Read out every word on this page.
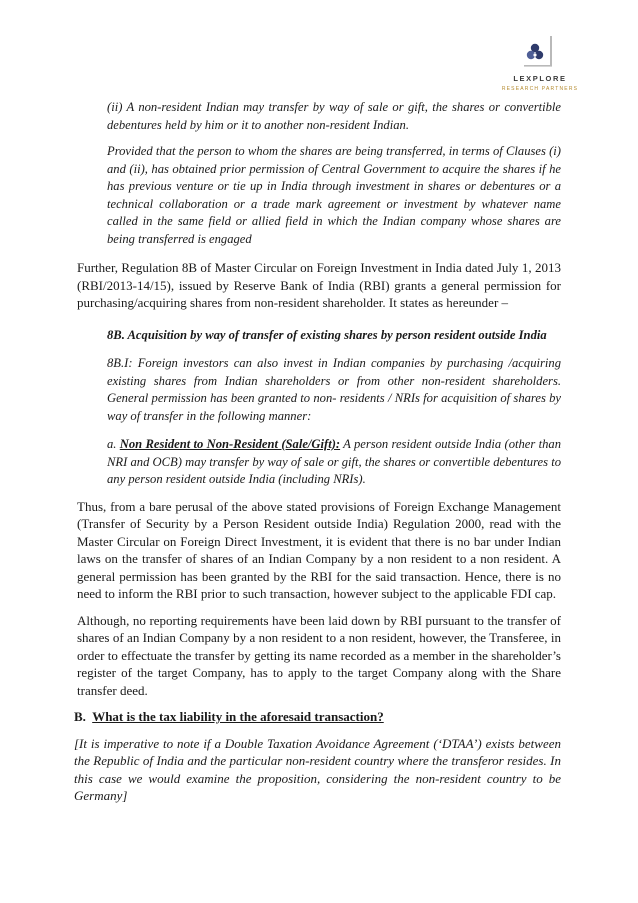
LEXPLORE
RESEARCH PARTNERS

(ii) A non-resident Indian may transfer by way of sale or gift, the shares or convertible debentures held by him or it to another non-resident Indian.

Provided that the person to whom the shares are being transferred, in terms of Clauses (i) and (ii), has obtained prior permission of Central Government to acquire the shares if he has previous venture or tie up in India through investment in shares or debentures or a technical collaboration or a trade mark agreement or investment by whatever name called in the same field or allied field in which the Indian company whose shares are being transferred is engaged

Further, Regulation 8B of Master Circular on Foreign Investment in India dated July 1, 2013 (RBI/2013-14/15), issued by Reserve Bank of India (RBI) grants a general permission for purchasing/acquiring shares from non-resident shareholder. It states as hereunder –

8B. Acquisition by way of transfer of existing shares by person resident outside India

8B.I: Foreign investors can also invest in Indian companies by purchasing /acquiring existing shares from Indian shareholders or from other non-resident shareholders. General permission has been granted to non- residents / NRIs for acquisition of shares by way of transfer in the following manner:

a. Non Resident to Non-Resident (Sale/Gift): A person resident outside India (other than NRI and OCB) may transfer by way of sale or gift, the shares or convertible debentures to any person resident outside India (including NRIs).

Thus, from a bare perusal of the above stated provisions of Foreign Exchange Management (Transfer of Security by a Person Resident outside India) Regulation 2000, read with the Master Circular on Foreign Direct Investment, it is evident that there is no bar under Indian laws on the transfer of shares of an Indian Company by a non resident to a non resident. A general permission has been granted by the RBI for the said transaction. Hence, there is no need to inform the RBI prior to such transaction, however subject to the applicable FDI cap.

Although, no reporting requirements have been laid down by RBI pursuant to the transfer of shares of an Indian Company by a non resident to a non resident, however, the Transferee, in order to effectuate the transfer by getting its name recorded as a member in the shareholder’s register of the target Company, has to apply to the target Company along with the Share transfer deed.

B. What is the tax liability in the aforesaid transaction?

[It is imperative to note if a Double Taxation Avoidance Agreement (‘DTAA’) exists between the Republic of India and the particular non-resident country where the transferor resides. In this case we would examine the proposition, considering the non-resident country to be Germany]
